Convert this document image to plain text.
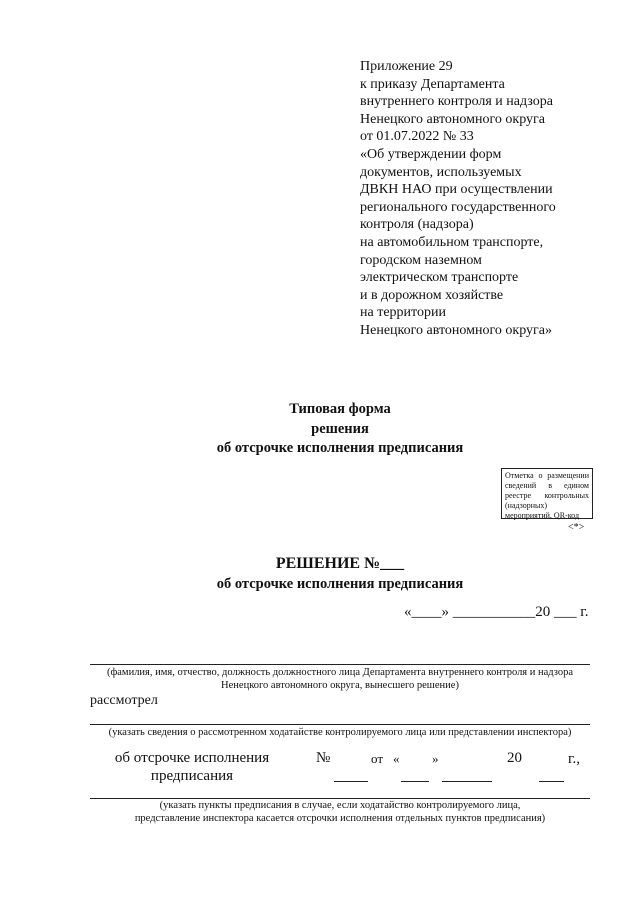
Приложение 29
к приказу Департамента
внутреннего контроля и надзора
Ненецкого автономного округа
от 01.07.2022 № 33
«Об утверждении форм
документов, используемых
ДВКН НАО при осуществлении
регионального государственного
контроля (надзора)
на автомобильном транспорте,
городском наземном
электрическом транспорте
и в дорожном хозяйстве
на территории
Ненецкого автономного округа»
Типовая форма
решения
об отсрочке исполнения предписания
Отметка о размещении сведений в едином реестре контрольных (надзорных) мероприятий, QR-код
<*>
РЕШЕНИЕ №___
об отсрочке исполнения предписания
«____» ___________20 ___ г.
(фамилия, имя, отчество, должность должностного лица Департамента внутреннего контроля и надзора
Ненецкого автономного округа, вынесшего решение)
рассмотрел
(указать сведения о рассмотренном ходатайстве контролируемого лица или представлении инспектора)
об отсрочке исполнения
предписания
№	от «	»	20	г.,
(указать пункты предписания в случае, если ходатайство контролируемого лица,
представление инспектора касается отсрочки исполнения отдельных пунктов предписания)
